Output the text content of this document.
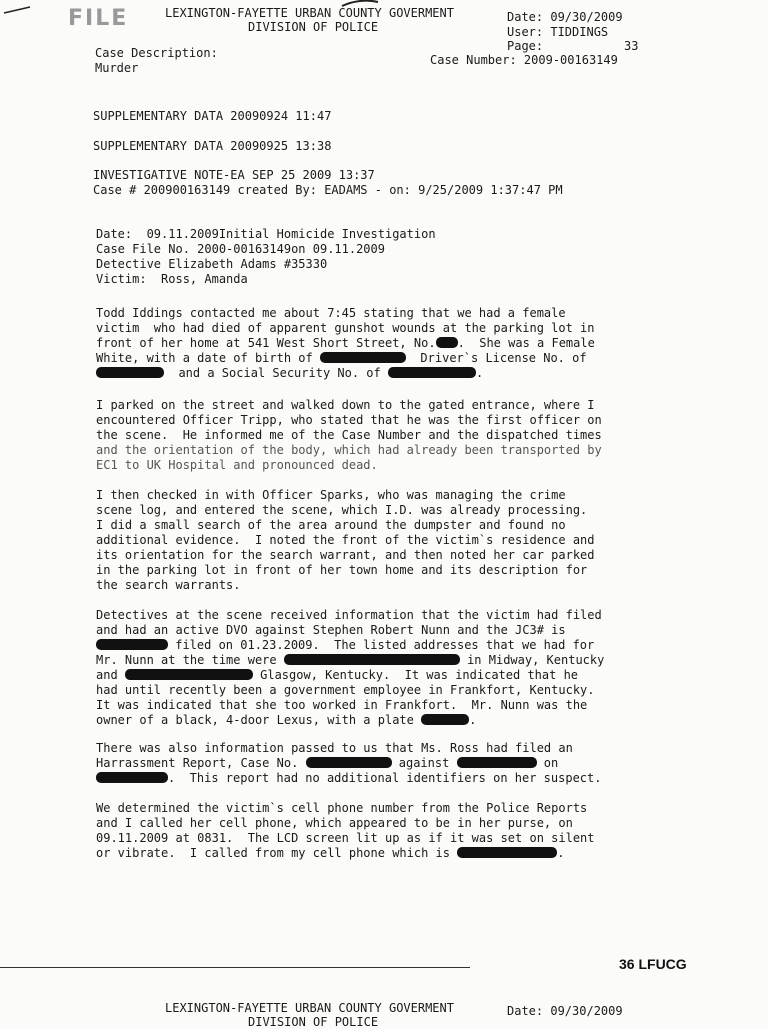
FILE	LEXINGTON-FAYETTE URBAN COUNTY GOVERMENT
DIVISION OF POLICE
Date: 09/30/2009
User: TIDDINGS
Page:	33
Case Description:	Case Number: 2009-00163149
Murder
SUPPLEMENTARY DATA 20090924 11:47
SUPPLEMENTARY DATA 20090925 13:38
INVESTIGATIVE NOTE-EA SEP 25 2009 13:37
Case # 200900163149 created By: EADAMS - on: 9/25/2009 1:37:47 PM
Date:  09.11.2009Initial Homicide Investigation
Case File No. 2000-00163149on 09.11.2009
Detective Elizabeth Adams #35330
Victim:  Ross, Amanda
Todd Iddings contacted me about 7:45 stating that we had a female
victim  who had died of apparent gunshot wounds at the parking lot in
front of her home at 541 West Short Street, No. .  She was a Female
White, with a date of birth of	Driver`s License No. of
and a Social Security No. of	.
I parked on the street and walked down to the gated entrance, where I
encountered Officer Tripp, who stated that he was the first officer on
the scene.  He informed me of the Case Number and the dispatched times
and the orientation of the body, which had already been transported by
EC1 to UK Hospital and pronounced dead.
I then checked in with Officer Sparks, who was managing the crime
scene log, and entered the scene, which I.D. was already processing.
I did a small search of the area around the dumpster and found no
additional evidence.  I noted the front of the victim`s residence and
its orientation for the search warrant, and then noted her car parked
in the parking lot in front of her town home and its description for
the search warrants.
Detectives at the scene received information that the victim had filed
and had an active DVO against Stephen Robert Nunn and the JC3# is
filed on 01.23.2009.  The listed addresses that we had for
Mr. Nunn at the time were	in Midway, Kentucky
and	Glasgow, Kentucky.  It was indicated that he
had until recently been a government employee in Frankfort, Kentucky.
It was indicated that she too worked in Frankfort.  Mr. Nunn was the
owner of a black, 4-door Lexus, with a plate	.
There was also information passed to us that Ms. Ross had filed an
Harrassment Report, Case No.	against	on
.  This report had no additional identifiers on her suspect.
We determined the victim`s cell phone number from the Police Reports
and I called her cell phone, which appeared to be in her purse, on
09.11.2009 at 0831.  The LCD screen lit up as if it was set on silent
or vibrate.  I called from my cell phone which is	.
36 LFUCG
LEXINGTON-FAYETTE URBAN COUNTY GOVERMENT
DIVISION OF POLICE
Date: 09/30/2009
